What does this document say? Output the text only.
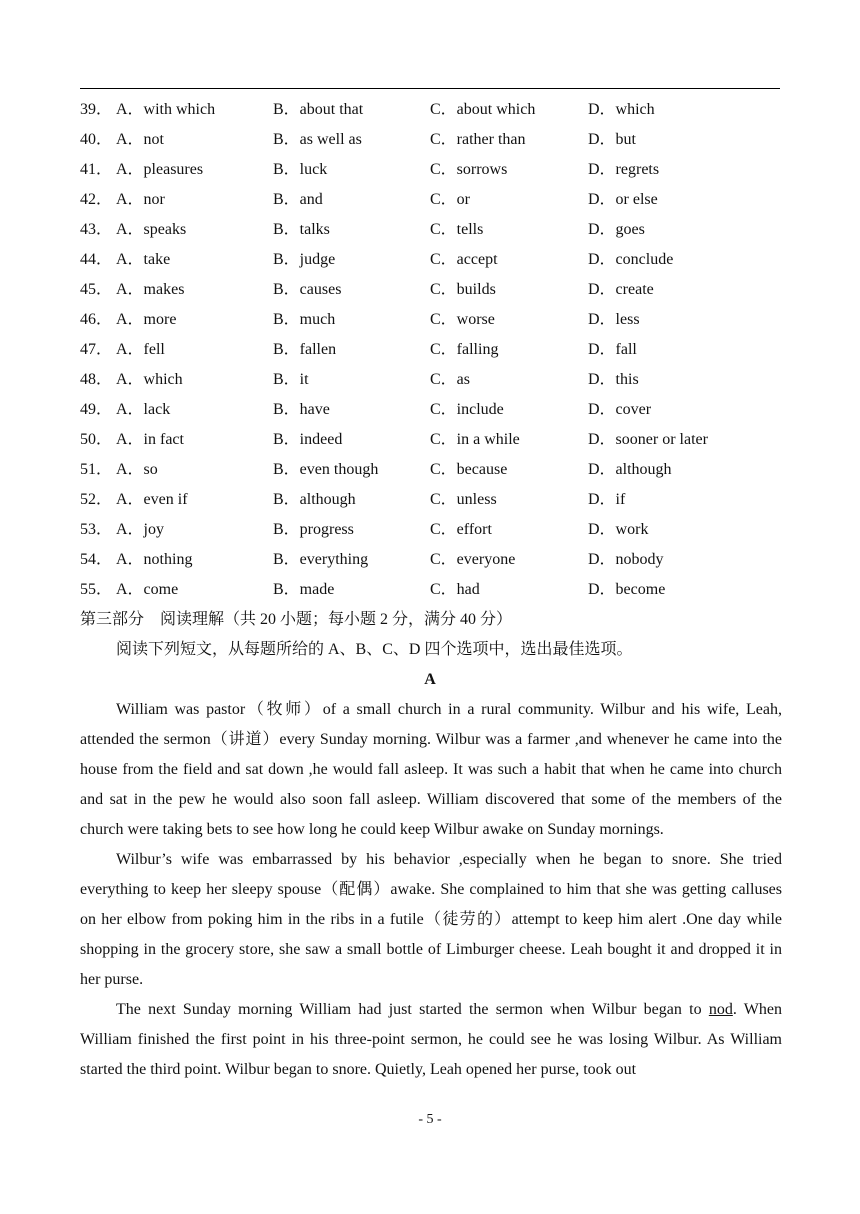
39． A．with which	B．about that	C．about which	D．which
40． A．not	B．as well as	C．rather than	D．but
41． A．pleasures	B．luck	C．sorrows	D．regrets
42． A．nor	B．and	C．or	D．or else
43． A．speaks	B．talks	C．tells	D．goes
44． A．take	B．judge	C．accept	D．conclude
45． A．makes	B．causes	C．builds	D．create
46． A．more	B．much	C．worse	D．less
47． A．fell	B．fallen	C．falling	D．fall
48． A．which	B．it	C．as	D．this
49． A．lack	B．have	C．include	D．cover
50． A．in fact	B．indeed	C．in a while	D．sooner or later
51． A．so	B．even though	C．because	D．although
52． A．even if	B．although	C．unless	D．if
53． A．joy	B．progress	C．effort	D．work
54． A．nothing	B．everything	C．everyone	D．nobody
55． A．come	B．made	C．had	D．become
第三部分　阅读理解（共 20 小题；每小题 2 分，满分 40 分）
阅读下列短文，从每题所给的 A、B、C、D 四个选项中，选出最佳选项。
A

William was pastor（牧师）of a small church in a rural community. Wilbur and his wife, Leah, attended the sermon（讲道）every Sunday morning. Wilbur was a farmer ,and whenever he came into the house from the field and sat down ,he would fall asleep. It was such a habit that when he came into church and sat in the pew he would also soon fall asleep. William discovered that some of the members of the church were taking bets to see how long he could keep Wilbur awake on Sunday mornings.

Wilbur’s wife was embarrassed by his behavior ,especially when he began to snore. She tried everything to keep her sleepy spouse（配偶）awake. She complained to him that she was getting calluses on her elbow from poking him in the ribs in a futile（徒劳的）attempt to keep him alert .One day while shopping in the grocery store, she saw a small bottle of Limburger cheese. Leah bought it and dropped it in her purse.

The next Sunday morning William had just started the sermon when Wilbur began to nod. When William finished the first point in his three-point sermon, he could see he was losing Wilbur. As William started the third point. Wilbur began to snore. Quietly, Leah opened her purse, took out

- 5 -
